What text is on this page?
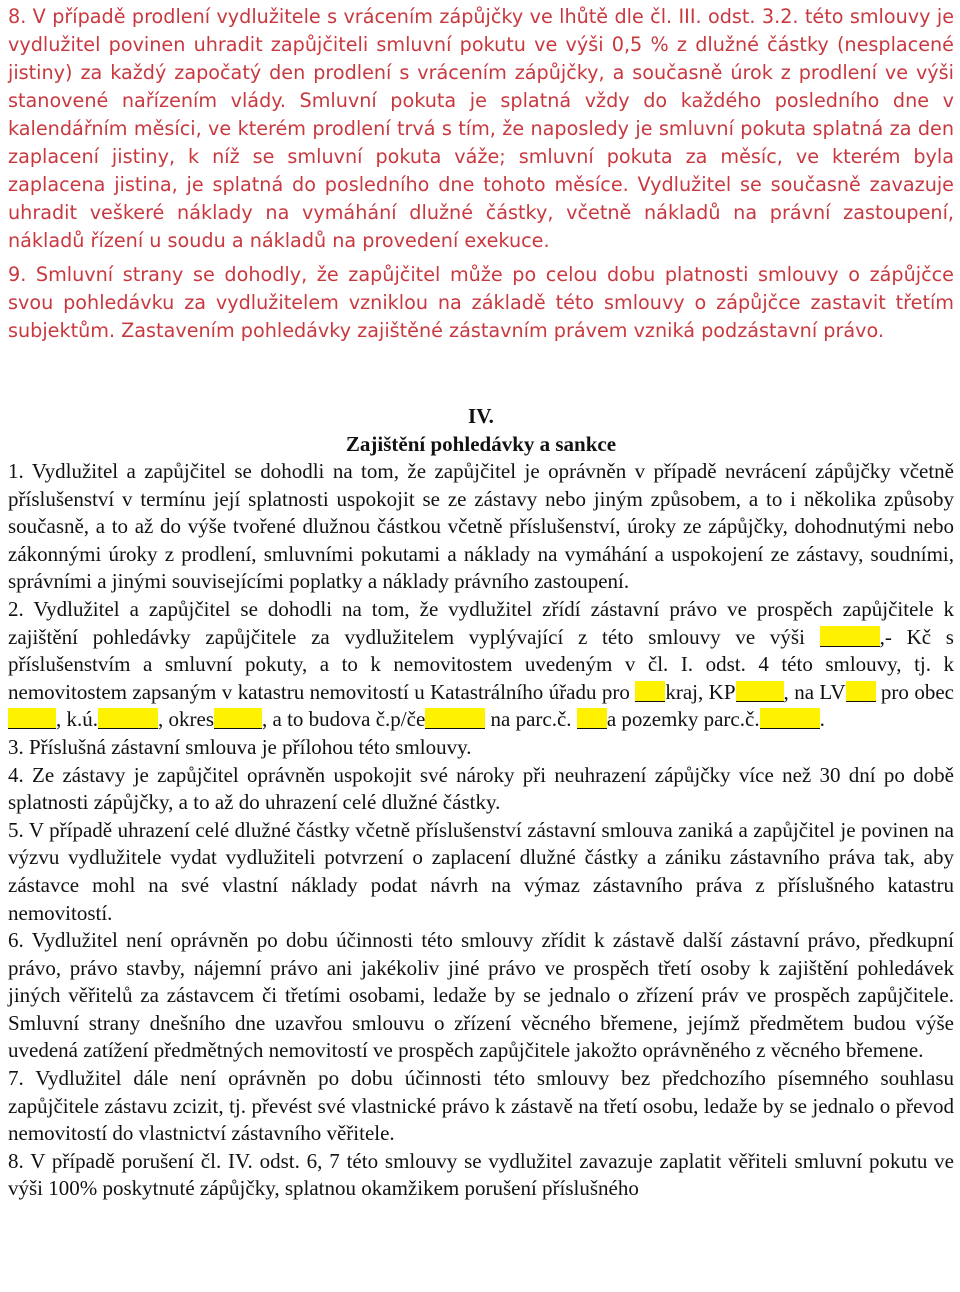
8. V případě prodlení vydlužitele s vrácením zápůjčky ve lhůtě dle čl. III. odst. 3.2. této smlouvy je vydlužitel povinen uhradit zapůjčiteli smluvní pokutu ve výši 0,5 % z dlužné částky (nesplacené jistiny) za každý započatý den prodlení s vrácením zápůjčky, a současně úrok z prodlení ve výši stanovené nařízením vlády. Smluvní pokuta je splatná vždy do každého posledního dne v kalendářním měsíci, ve kterém prodlení trvá s tím, že naposledy je smluvní pokuta splatná za den zaplacení jistiny, k níž se smluvní pokuta váže; smluvní pokuta za měsíc, ve kterém byla zaplacena jistina, je splatná do posledního dne tohoto měsíce. Vydlužitel se současně zavazuje uhradit veškeré náklady na vymáhání dlužné částky, včetně nákladů na právní zastoupení, nákladů řízení u soudu a nákladů na provedení exekuce.

9. Smluvní strany se dohodly, že zapůjčitel může po celou dobu platnosti smlouvy o zápůjčce svou pohledávku za vydlužitelem vzniklou na základě této smlouvy o zápůjčce zastavit třetím subjektům. Zastavením pohledávky zajištěné zástavním právem vzniká podzástavní právo.

IV.
Zajištění pohledávky a sankce

1. Vydlužitel a zapůjčitel se dohodli na tom, že zapůjčitel je oprávněn v případě nevrácení zápůjčky včetně příslušenství v termínu její splatnosti uspokojit se ze zástavy nebo jiným způsobem, a to i několika způsoby současně, a to až do výše tvořené dlužnou částkou včetně příslušenství, úroky ze zápůjčky, dohodnutými nebo zákonnými úroky z prodlení, smluvními pokutami a náklady na vymáhání a uspokojení ze zástavy, soudními, správními a jinými souvisejícími poplatky a náklady právního zastoupení.

2. Vydlužitel a zapůjčitel se dohodli na tom, že vydlužitel zřídí zástavní právo ve prospěch zapůjčitele k zajištění pohledávky zapůjčitele za vydlužitelem vyplývající z této smlouvy ve výši	,- Kč s příslušenstvím a smluvní pokuty, a to k nemovitostem uvedeným v čl. I. odst. 4 této smlouvy, tj. k nemovitostem zapsaným v katastru nemovitostí u Katastrálního úřadu pro kraj, KP , na LV pro obec, k.ú.	, okres , a to budova č.p/če	na parc.č. a pozemky parc.č.	.

3. Příslušná zástavní smlouva je přílohou této smlouvy.

4. Ze zástavy je zapůjčitel oprávněn uspokojit své nároky při neuhrazení zápůjčky více než 30 dní po době splatnosti zápůjčky, a to až do uhrazení celé dlužné částky.

5. V případě uhrazení celé dlužné částky včetně příslušenství zástavní smlouva zaniká a zapůjčitel je povinen na výzvu vydlužitele vydat vydlužiteli potvrzení o zaplacení dlužné částky a zániku zástavního práva tak, aby zástavce mohl na své vlastní náklady podat návrh na výmaz zástavního práva z příslušného katastru nemovitostí.

6. Vydlužitel není oprávněn po dobu účinnosti této smlouvy zřídit k zástavě další zástavní právo, předkupní právo, právo stavby, nájemní právo ani jakékoliv jiné právo ve prospěch třetí osoby k zajištění pohledávek jiných věřitelů za zástavcem či třetími osobami, ledaže by se jednalo o zřízení práv ve prospěch zapůjčitele. Smluvní strany dnešního dne uzavřou smlouvu o zřízení věcného břemene, jejímž předmětem budou výše uvedená zatížení předmětných nemovitostí ve prospěch zapůjčitele jakožto oprávněného z věcného břemene.

7. Vydlužitel dále není oprávněn po dobu účinnosti této smlouvy bez předchozího písemného souhlasu zapůjčitele zástavu zcizit, tj. převést své vlastnické právo k zástavě na třetí osobu, ledaže by se jednalo o převod nemovitostí do vlastnictví zástavního věřitele.

8. V případě porušení čl. IV. odst. 6, 7 této smlouvy se vydlužitel zavazuje zaplatit věřiteli smluvní pokutu ve výši 100% poskytnuté zápůjčky, splatnou okamžikem porušení příslušného
